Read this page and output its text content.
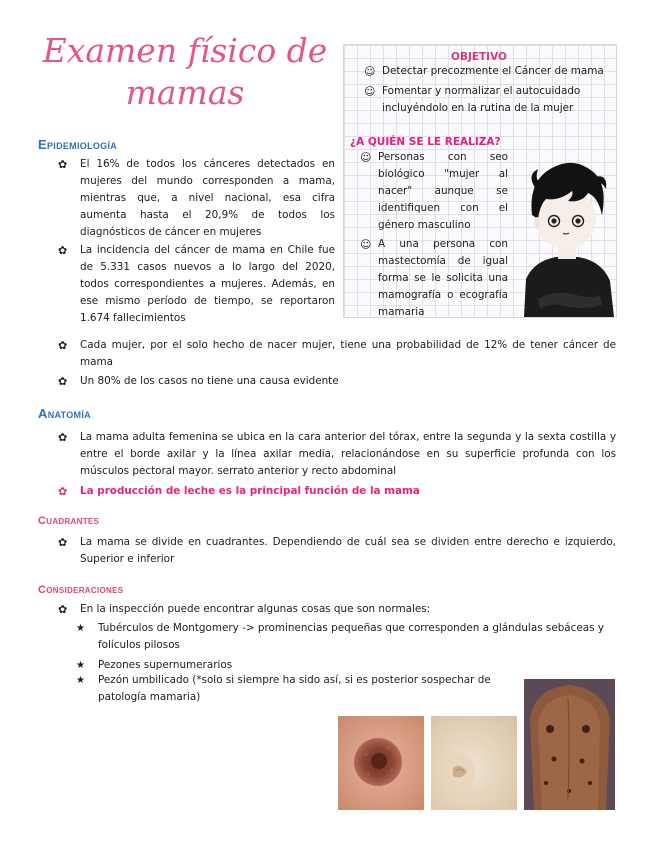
Examen físico de
mamas
OBJETIVO
☺ Detectar precozmente el Cáncer de mama
☺ Fomentar y normalizar el autocuidado incluyéndolo en la rutina de la mujer
¿A QUIÉN SE LE REALIZA?
☺ Personas con seo biológico "mujer al nacer" aunque se identifiquen con el género masculino
☺ A una persona con mastectomía de igual forma se le solicita una mamografía o ecografía mamaria
Epidemiología
✿ El 16% de todos los cánceres detectados en mujeres del mundo corresponden a mama, mientras que, a nivel nacional, esa cifra aumenta hasta el 20,9% de todos los diagnósticos de cáncer en mujeres
✿ La incidencia del cáncer de mama en Chile fue de 5.331 casos nuevos a lo largo del 2020, todos correspondientes a mujeres. Además, en ese mismo período de tiempo, se reportaron 1.674 fallecimientos
✿ Cada mujer, por el solo hecho de nacer mujer, tiene una probabilidad de 12% de tener cáncer de mama
✿ Un 80% de los casos no tiene una causa evidente
Anatomía
✿ La mama adulta femenina se ubica en la cara anterior del tórax, entre la segunda y la sexta costilla y entre el borde axilar y la línea axilar media, relacionándose en su superficie profunda con los músculos pectoral mayor. serrato anterior y recto abdominal
✿ La producción de leche es la principal función de la mama
Cuadrantes
✿ La mama se divide en cuadrantes. Dependiendo de cuál sea se dividen entre derecho e izquierdo, Superior e inferior
Consideraciones
✿ En la inspección puede encontrar algunas cosas que son normales:
★ Tubérculos de Montgomery -> prominencias pequeñas que corresponden a glándulas sebáceas y folículos pilosos
★ Pezones supernumerarios
★ Pezón umbilicado (*solo si siempre ha sido así, si es posterior sospechar de patología mamaria)
